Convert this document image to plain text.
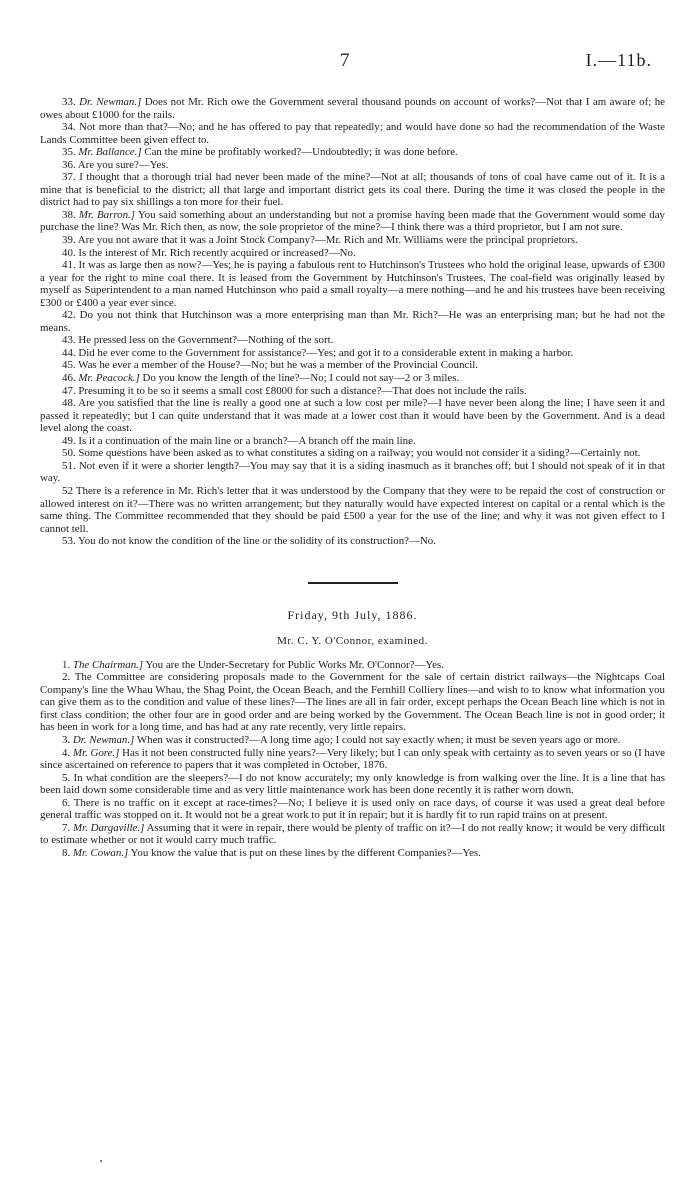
7	I.—11b.

33. Dr. Newman.] Does not Mr. Rich owe the Government several thousand pounds on account of works?—Not that I am aware of; he owes about £1000 for the rails.

34. Not more than that?—No; and he has offered to pay that repeatedly; and would have done so had the recommendation of the Waste Lands Committee been given effect to.

35. Mr. Ballance.] Can the mine be profitably worked?—Undoubtedly; it was done before.

36. Are you sure?—Yes.

37. I thought that a thorough trial had never been made of the mine?—Not at all; thousands of tons of coal have came out of it. It is a mine that is beneficial to the district; all that large and important district gets its coal there. During the time it was closed the people in the district had to pay six shillings a ton more for their fuel.

38. Mr. Barron.] You said something about an understanding but not a promise having been made that the Government would some day purchase the line? Was Mr. Rich then, as now, the sole proprietor of the mine?—I think there was a third proprietor, but I am not sure.

39. Are you not aware that it was a Joint Stock Company?—Mr. Rich and Mr. Williams were the principal proprietors.

40. Is the interest of Mr. Rich recently acquired or increased?—No.

41. It was as large then as now?—Yes; he is paying a fabulous rent to Hutchinson's Trustees who hold the original lease, upwards of £300 a year for the right to mine coal there. It is leased from the Government by Hutchinson's Trustees. The coal-field was originally leased by myself as Superintendent to a man named Hutchinson who paid a small royalty—a mere nothing—and he and his trustees have been receiving £300 or £400 a year ever since.

42. Do you not think that Hutchinson was a more enterprising man than Mr. Rich?—He was an enterprising man; but he had not the means.

43. He pressed less on the Government?—Nothing of the sort.

44. Did he ever come to the Government for assistance?—Yes; and got it to a considerable extent in making a harbor.

45. Was he ever a member of the House?—No; but he was a member of the Provincial Council.

46. Mr. Peacock.] Do you know the length of the line?—No; I could not say—2 or 3 miles.

47. Presuming it to be so it seems a small cost £8000 for such a distance?—That does not include the rails.

48. Are you satisfied that the line is really a good one at such a low cost per mile?—I have never been along the line; I have seen it and passed it repeatedly; but I can quite understand that it was made at a lower cost than it would have been by the Government. And is a dead level along the coast.

49. Is it a continuation of the main line or a branch?—A branch off the main line.

50. Some questions have been asked as to what constitutes a siding on a railway; you would not consider it a siding?—Certainly not.

51. Not even if it were a shorter length?—You may say that it is a siding inasmuch as it branches off; but I should not speak of it in that way.

52 There is a reference in Mr. Rich's letter that it was understood by the Company that they were to be repaid the cost of construction or allowed interest on it?—There was no written arrangement; but they naturally would have expected interest on capital or a rental which is the same thing. The Committee recommended that they should be paid £500 a year for the use of the line; and why it was not given effect to I cannot tell.

53. You do not know the condition of the line or the solidity of its construction?—No.

Friday, 9th July, 1886.

Mr. C. Y. O'Connor, examined.

1. The Chairman.] You are the Under-Secretary for Public Works Mr. O'Connor?—Yes.

2. The Committee are considering proposals made to the Government for the sale of certain district railways—the Nightcaps Coal Company's line the Whau Whau, the Shag Point, the Ocean Beach, and the Fernhill Colliery lines—and wish to to know what information you can give them as to the condition and value of these lines?—The lines are all in fair order, except perhaps the Ocean Beach line which is not in first class condition; the other four are in good order and are being worked by the Government. The Ocean Beach line is not in good order; it has been in work for a long time, and has had at any rate recently, very little repairs.

3. Dr. Newman.] When was it constructed?—A long time ago; I could not say exactly when; it must be seven years ago or more.

4. Mr. Gore.] Has it not been constructed fully nine years?—Very likely; but I can only speak with certainty as to seven years or so (I have since ascertained on reference to papers that it was completed in October, 1876.

5. In what condition are the sleepers?—I do not know accurately; my only knowledge is from walking over the line. It is a line that has been laid down some considerable time and as very little maintenance work has been done recently it is rather worn down.

6. There is no traffic on it except at race-times?—No; I believe it is used only on race days, of course it was used a great deal before general traffic was stopped on it. It would not be a great work to put it in repair; but it is hardly fit to run rapid trains on at present.

7. Mr. Dargaville.] Assuming that it were in repair, there would be plenty of traffic on it?—I do not really know; it would be very difficult to estimate whether or not it would carry much traffic.

8. Mr. Cowan.] You know the value that is put on these lines by the different Companies?—Yes.
